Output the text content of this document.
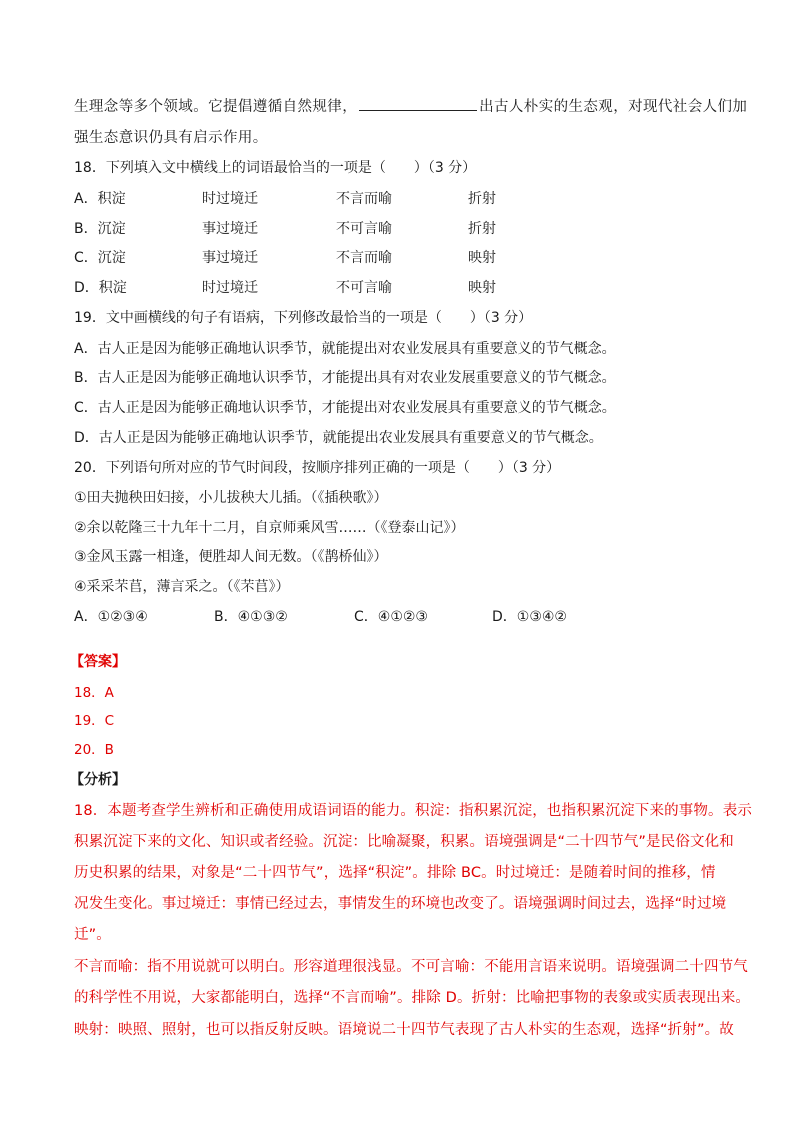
生理念等多个领域。它提倡遵循自然规律，	出古人朴实的生态观，对现代社会人们加
强生态意识仍具有启示作用。
18．下列填入文中横线上的词语最恰当的一项是（　　）（3 分）
A．积淀	时过境迁	不言而喻	折射
B．沉淀	事过境迁	不可言喻	折射
C．沉淀	事过境迁	不言而喻	映射
D．积淀	时过境迁	不可言喻	映射
19．文中画横线的句子有语病，下列修改最恰当的一项是（　　）（3 分）
A．古人正是因为能够正确地认识季节，就能提出对农业发展具有重要意义的节气概念。
B．古人正是因为能够正确地认识季节，才能提出具有对农业发展重要意义的节气概念。
C．古人正是因为能够正确地认识季节，才能提出对农业发展具有重要意义的节气概念。
D．古人正是因为能够正确地认识季节，就能提出农业发展具有重要意义的节气概念。
20．下列语句所对应的节气时间段，按顺序排列正确的一项是（　　）（3 分）
①田夫抛秧田妇接，小儿拔秧大儿插。（《插秧歌》）
②余以乾隆三十九年十二月，自京师乘风雪……（《登泰山记》）
③金风玉露一相逢，便胜却人间无数。（《鹊桥仙》）
④采采芣苢，薄言采之。（《芣苢》）
A．①②③④	B．④①③②	C．④①②③	D．①③④②
【答案】
18．A
19．C
20．B
【分析】
18．本题考查学生辨析和正确使用成语词语的能力。积淀：指积累沉淀，也指积累沉淀下来的事物。表示
积累沉淀下来的文化、知识或者经验。沉淀：比喻凝聚，积累。语境强调是“二十四节气”是民俗文化和
历史积累的结果，对象是“二十四节气”，选择“积淀”。排除 BC。时过境迁：是随着时间的推移，情
况发生变化。事过境迁：事情已经过去，事情发生的环境也改变了。语境强调时间过去，选择“时过境
迁”。
不言而喻：指不用说就可以明白。形容道理很浅显。不可言喻：不能用言语来说明。语境强调二十四节气
的科学性不用说，大家都能明白，选择“不言而喻”。排除 D。折射：比喻把事物的表象或实质表现出来。
映射：映照、照射，也可以指反射反映。语境说二十四节气表现了古人朴实的生态观，选择“折射”。故
